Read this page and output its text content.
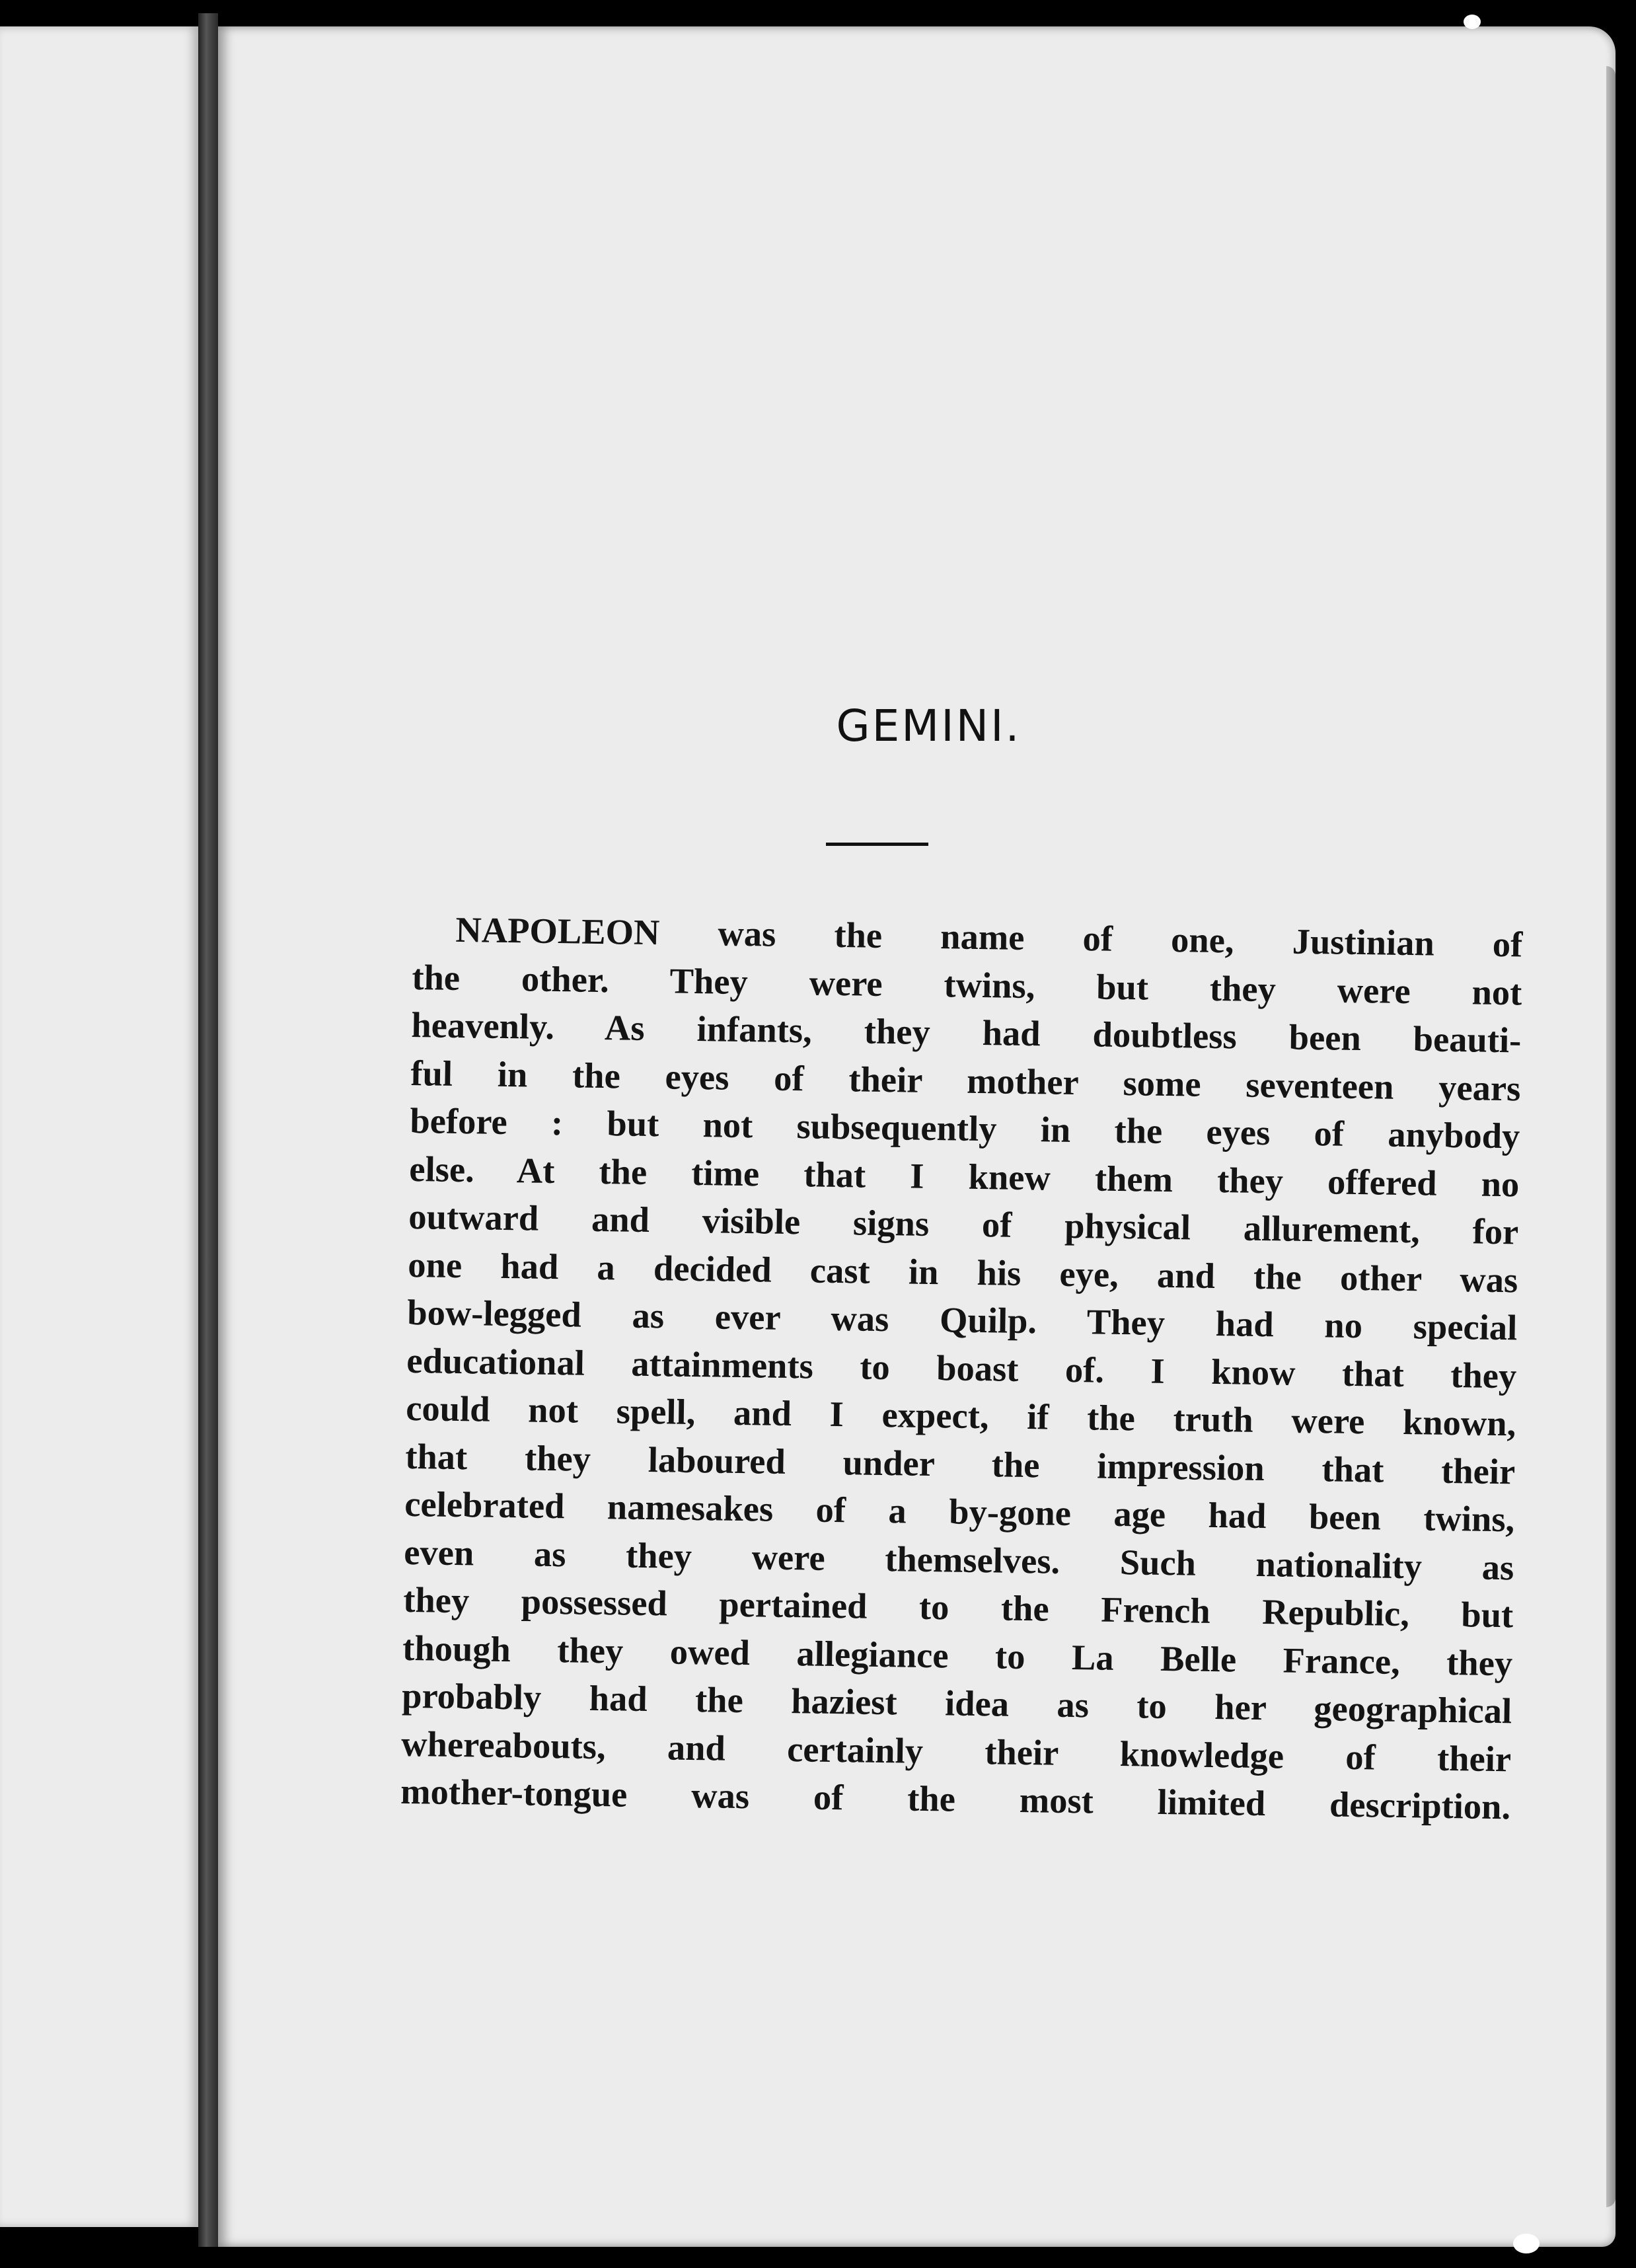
GEMINI.
NAPOLEON was the name of one, Justinian of
the other. They were twins, but they were not
heavenly. As infants, they had doubtless been beauti-
ful in the eyes of their mother some seventeen years
before : but not subsequently in the eyes of anybody
else. At the time that I knew them they offered no
outward and visible signs of physical allurement, for
one had a decided cast in his eye, and the other was
bow-legged as ever was Quilp. They had no special
educational attainments to boast of. I know that they
could not spell, and I expect, if the truth were known,
that they laboured under the impression that their
celebrated namesakes of a by-gone age had been twins,
even as they were themselves. Such nationality as
they possessed pertained to the French Republic, but
though they owed allegiance to La Belle France, they
probably had the haziest idea as to her geographical
whereabouts, and certainly their knowledge of their
mother-tongue was of the most limited description.
